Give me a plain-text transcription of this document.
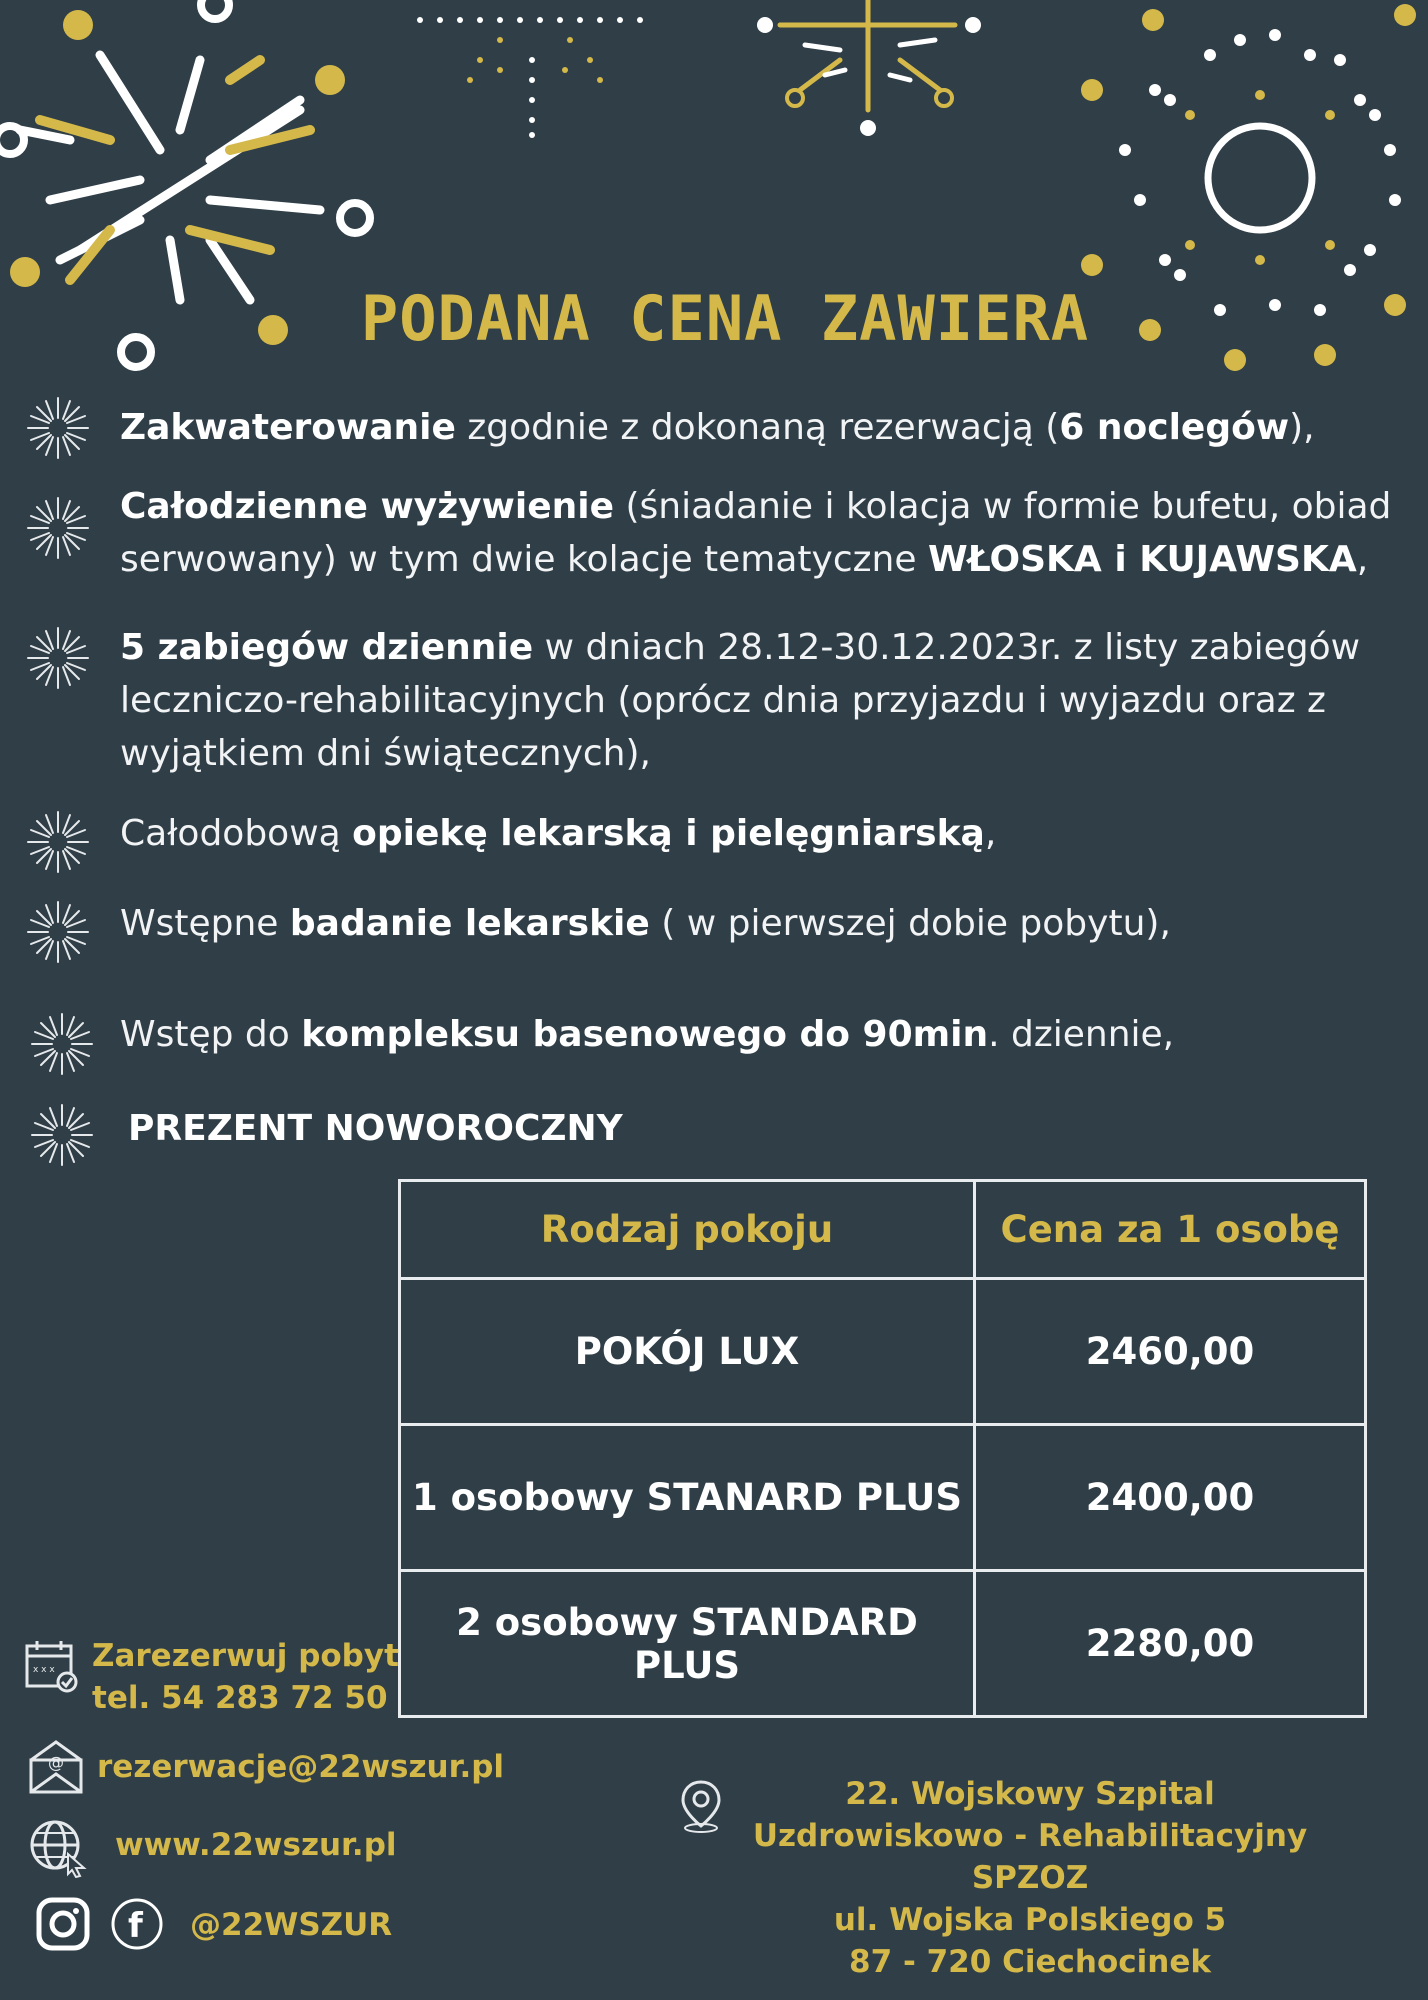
PODANA CENA ZAWIERA
Zakwaterowanie zgodnie z dokonaną rezerwacją (6 noclegów),
Całodzienne wyżywienie (śniadanie i kolacja w formie bufetu, obiad serwowany) w tym dwie kolacje tematyczne WŁOSKA i KUJAWSKA,
5 zabiegów dziennie w dniach 28.12-30.12.2023r. z listy zabiegów leczniczo-rehabilitacyjnych (oprócz dnia przyjazdu i wyjazdu oraz z wyjątkiem dni świątecznych),
Całodobową opiekę lekarską i pielęgniarską,
Wstępne badanie lekarskie ( w pierwszej dobie pobytu),
Wstęp do kompleksu basenowego do 90min. dziennie,
PREZENT NOWOROCZNY
Rodzaj pokoju	Cena za 1 osobę
POKÓJ LUX	2460,00
1 osobowy STANARD PLUS	2400,00
2 osobowy STANDARD PLUS	2280,00
x x x Zarezerwuj pobyt
tel. 54 283 72 50
@ rezerwacje@22wszur.pl
www.22wszur.pl
f @22WSZUR
22. Wojskowy Szpital
Uzdrowiskowo - Rehabilitacyjny SPZOZ
ul. Wojska Polskiego 5
87 - 720 Ciechocinek
